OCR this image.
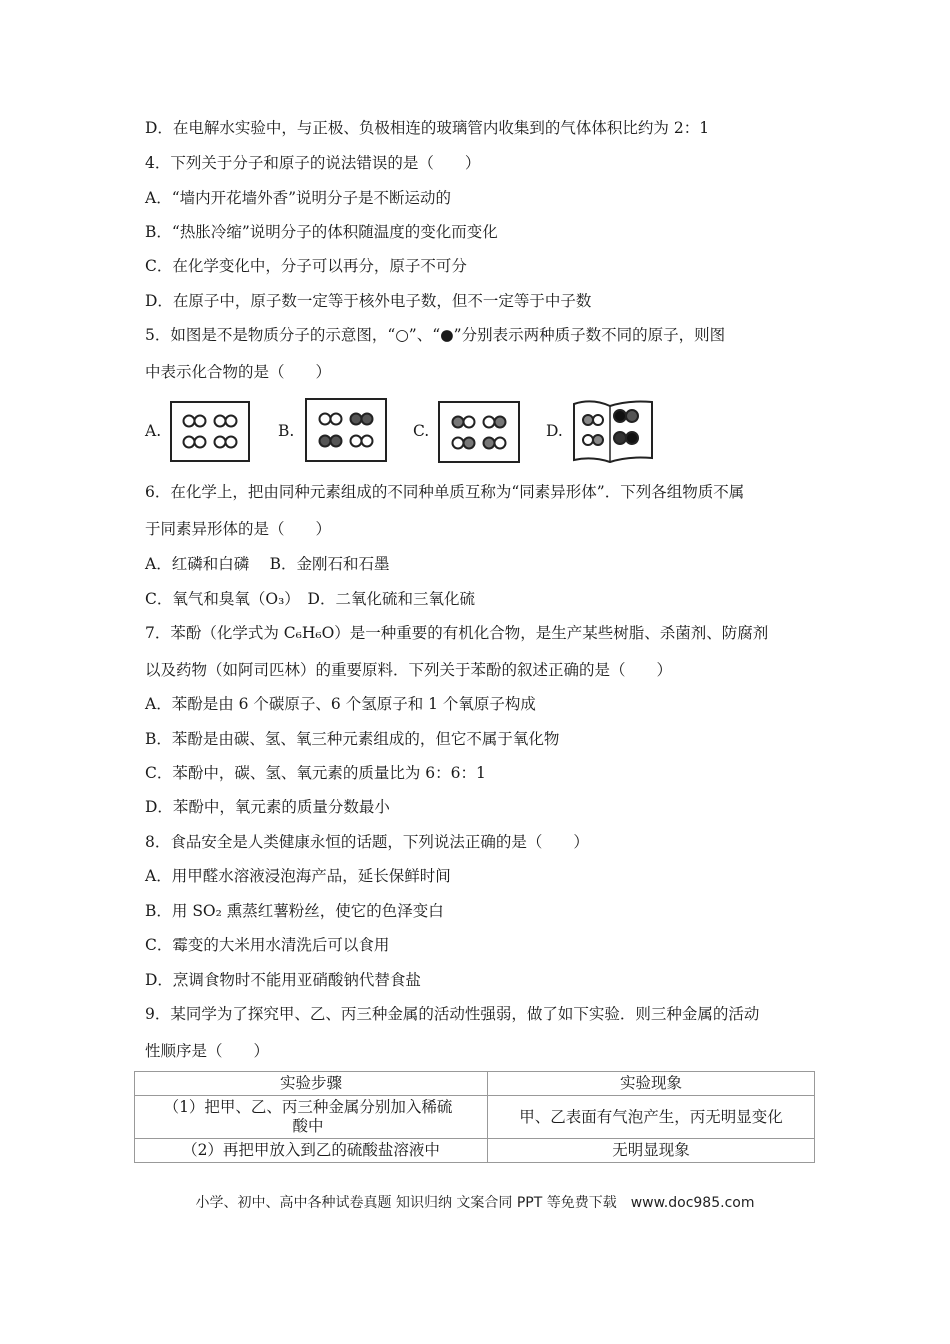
D．在电解水实验中，与正极、负极相连的玻璃管内收集到的气体体积比约为 2：1
4．下列关于分子和原子的说法错误的是（　　）
A．“墙内开花墙外香”说明分子是不断运动的
B．“热胀冷缩”说明分子的体积随温度的变化而变化
C．在化学变化中，分子可以再分，原子不可分
D．在原子中，原子数一定等于核外电子数，但不一定等于中子数
5．如图是不是物质分子的示意图，“○”、“●”分别表示两种质子数不同的原子，则图
中表示化合物的是（　　）
A.	B.	C.	D.
6．在化学上，把由同种元素组成的不同种单质互称为“同素异形体”．下列各组物质不属
于同素异形体的是（　　）
A．红磷和白磷　 B．金刚石和石墨
C．氧气和臭氧（O₃）　D．二氧化硫和三氧化硫
7．苯酚（化学式为 C₆H₆O）是一种重要的有机化合物，是生产某些树脂、杀菌剂、防腐剂
以及药物（如阿司匹林）的重要原料．下列关于苯酚的叙述正确的是（　　）
A．苯酚是由 6 个碳原子、6 个氢原子和 1 个氧原子构成
B．苯酚是由碳、氢、氧三种元素组成的，但它不属于氧化物
C．苯酚中，碳、氢、氧元素的质量比为 6：6：1
D．苯酚中，氧元素的质量分数最小
8．食品安全是人类健康永恒的话题，下列说法正确的是（　　）
A．用甲醛水溶液浸泡海产品，延长保鲜时间
B．用 SO₂ 熏蒸红薯粉丝，使它的色泽变白
C．霉变的大米用水清洗后可以食用
D．烹调食物时不能用亚硝酸钠代替食盐
9．某同学为了探究甲、乙、丙三种金属的活动性强弱，做了如下实验．则三种金属的活动
性顺序是（　　）
实验步骤	实验现象
（1）把甲、乙、丙三种金属分别加入稀硫酸中	甲、乙表面有气泡产生，丙无明显变化
（2）再把甲放入到乙的硫酸盐溶液中	无明显现象
小学、初中、高中各种试卷真题 知识归纳 文案合同 PPT 等免费下载　www.doc985.com
